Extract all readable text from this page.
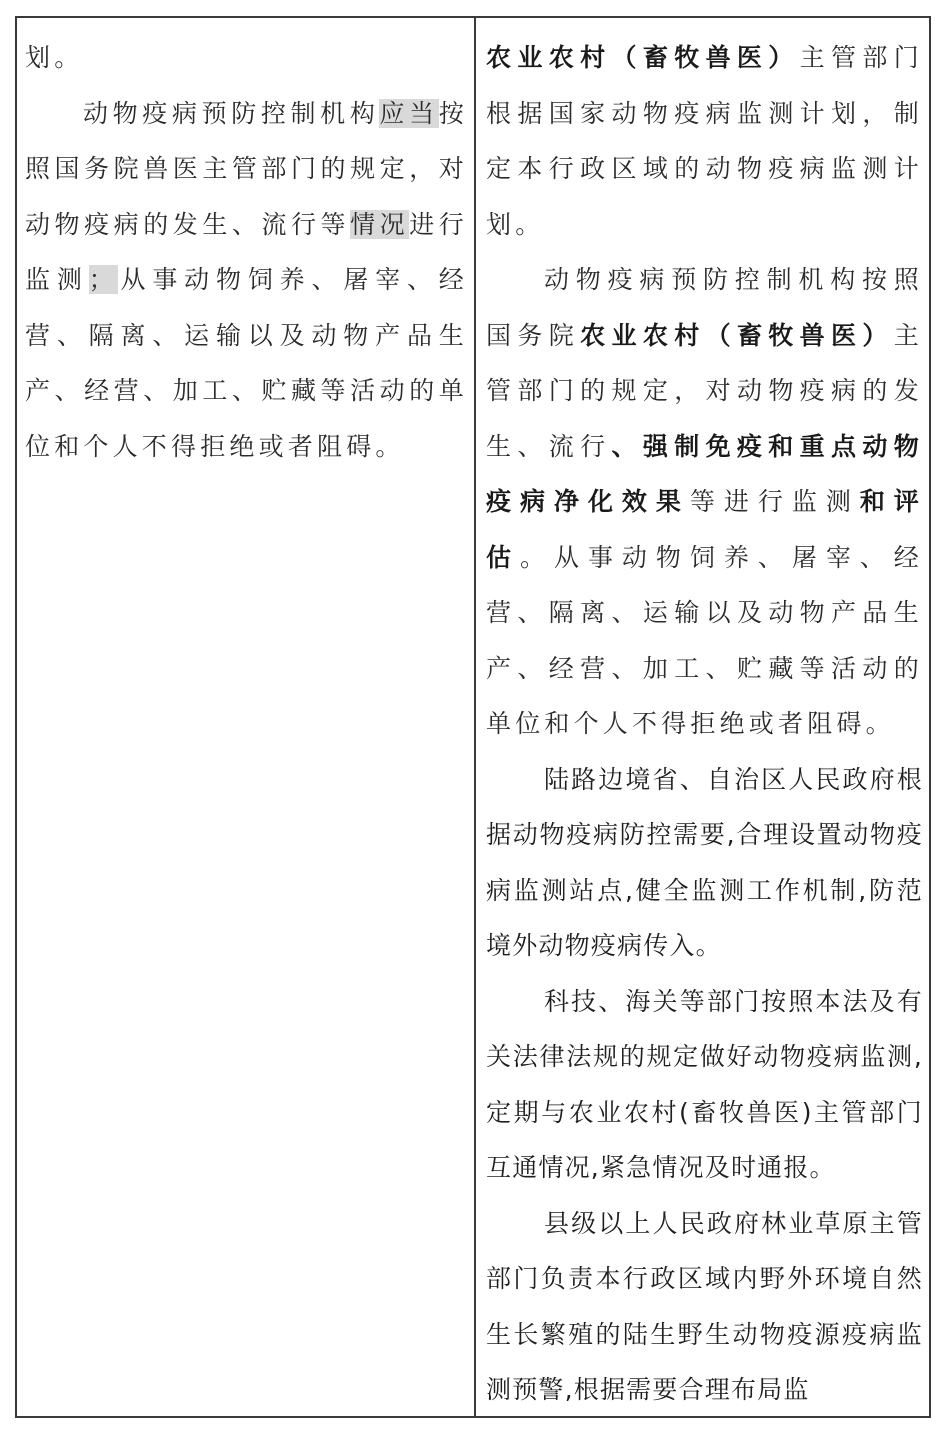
划。

动物疫病预防控制机构应当按照国务院兽医主管部门的规定，对动物疫病的发生、流行等情况进行监测；从事动物饲养、屠宰、经营、隔离、运输以及动物产品生产、经营、加工、贮藏等活动的单位和个人不得拒绝或者阻碍。

农业农村（畜牧兽医）主管部门根据国家动物疫病监测计划，制定本行政区域的动物疫病监测计划。

动物疫病预防控制机构按照国务院农业农村（畜牧兽医）主管部门的规定，对动物疫病的发生、流行、强制免疫和重点动物疫病净化效果等进行监测和评估。从事动物饲养、屠宰、经营、隔离、运输以及动物产品生产、经营、加工、贮藏等活动的单位和个人不得拒绝或者阻碍。

陆路边境省、自治区人民政府根据动物疫病防控需要,合理设置动物疫病监测站点,健全监测工作机制,防范境外动物疫病传入。

科技、海关等部门按照本法及有关法律法规的规定做好动物疫病监测,定期与农业农村(畜牧兽医)主管部门互通情况,紧急情况及时通报。

县级以上人民政府林业草原主管部门负责本行政区域内野外环境自然生长繁殖的陆生野生动物疫源疫病监测预警,根据需要合理布局监
